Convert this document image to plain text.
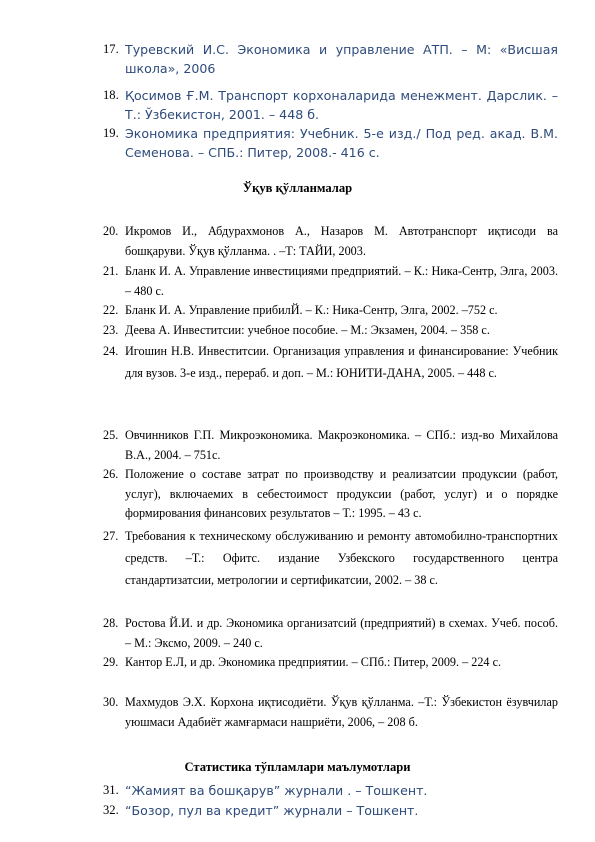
17. Туревский И.С. Экономика и управление АТП. – М: «Висшая школа», 2006
18. Қосимов Ғ.М. Транспорт корхоналарида менежмент. Дарслик. –Т.: Ўзбекистон, 2001. – 448 б.
19. Экономика предприятия: Учебник. 5-е изд./ Под ред. акад. В.М. Семенова. – СПБ.: Питер, 2008.- 416 с.
Ўқув қўлланмалар
20. Икромов И., Абдурахмонов А., Назаров М. Автотранспорт иқтисоди ва бошқаруви. Ўқув қўлланма. . –Т: ТАЙИ, 2003.
21. Бланк И. А. Управление инвестициями предприятий. – К.: Ника-Сентр, Элга, 2003. – 480 с.
22. Бланк И. А. Управление прибилЙ. – К.: Ника-Сентр, Элга, 2002. –752 с.
23. Деева А. Инвеститсии: учебное пособие. – М.: Экзамен, 2004. – 358 с.
24. Игошин Н.В. Инвеститсии. Организация управления и финансирование: Учебник для вузов. 3-е изд., перераб. и доп. – М.: ЮНИТИ-ДАНА, 2005. – 448 с.
25. Овчинников Г.П. Микроэкономика. Макроэкономика. – СПб.: изд-во Михайлова В.А., 2004. – 751с.
26. Положение о составе затрат по производству и реализатсии продуксии (работ, услуг), включаемих в себестоимост продуксии (работ, услуг) и о порядке формирования финансових результатов – Т.: 1995. – 43 с.
27. Требования к техническому обслуживанию и ремонту автомобилно-транспортних средств. –Т.: Офитс. издание Узбекского государственного центра стандартизатсии, метрологии и сертификатсии, 2002. – 38 с.
28. Ростова Й.И. и др. Экономика организатсий (предприятий) в схемах. Учеб. пособ. – М.: Эксмо, 2009. – 240 с.
29. Кантор Е.Л, и др. Экономика предприятии. – СПб.: Питер, 2009. – 224 с.
30. Махмудов Э.Х. Корхона иқтисодиёти. Ўқув қўлланма. –Т.: Ўзбекистон ёзувчилар уюшмаси Адабиёт жамғармаси нашриёти, 2006, – 208 б.
Статистика тўпламлари маълумотлари
31. “Жамият ва бошқарув” журнали . – Тошкент.
32. “Бозор, пул ва кредит” журнали – Тошкент.
